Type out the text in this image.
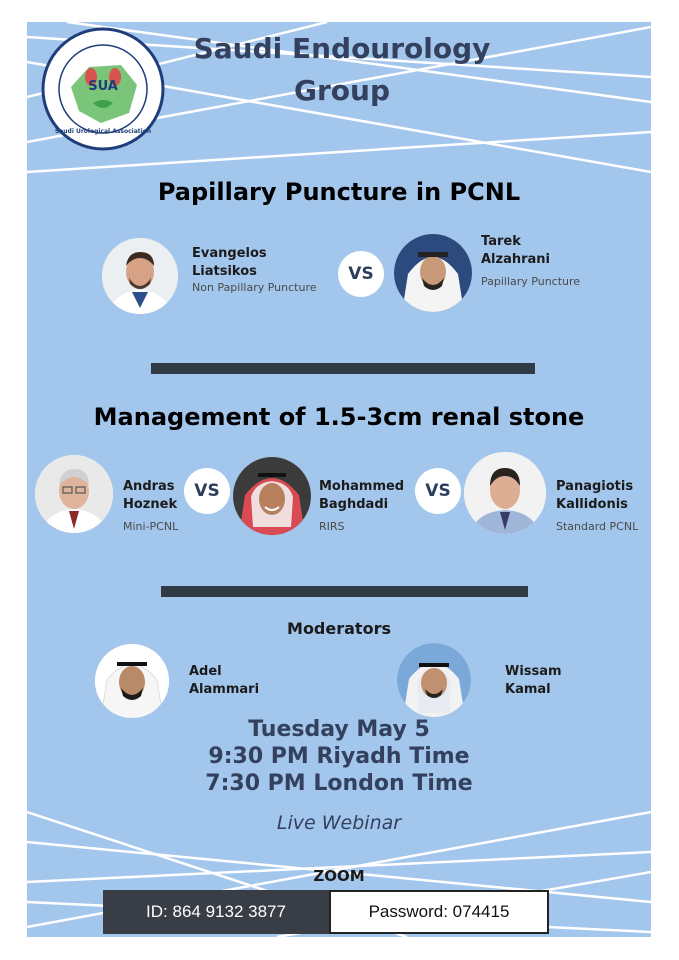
SUA
Saudi Urological Association
Saudi Endourology
Group
Papillary Puncture in PCNL
Evangelos
Liatsikos
Non Papillary Puncture
VS
Tarek
Alzahrani
Papillary Puncture
Management of 1.5-3cm renal stone
Andras
Hoznek
Mini-PCNL
VS	Mohammed
Baghdadi
RIRS
VS	Panagiotis
Kallidonis
Standard PCNL
Moderators
Adel
Alammari
Wissam
Kamal
Tuesday May 5
9:30 PM Riyadh Time
7:30 PM London Time
Live Webinar
ZOOM
ID: 864 9132 3877	Password: 074415
